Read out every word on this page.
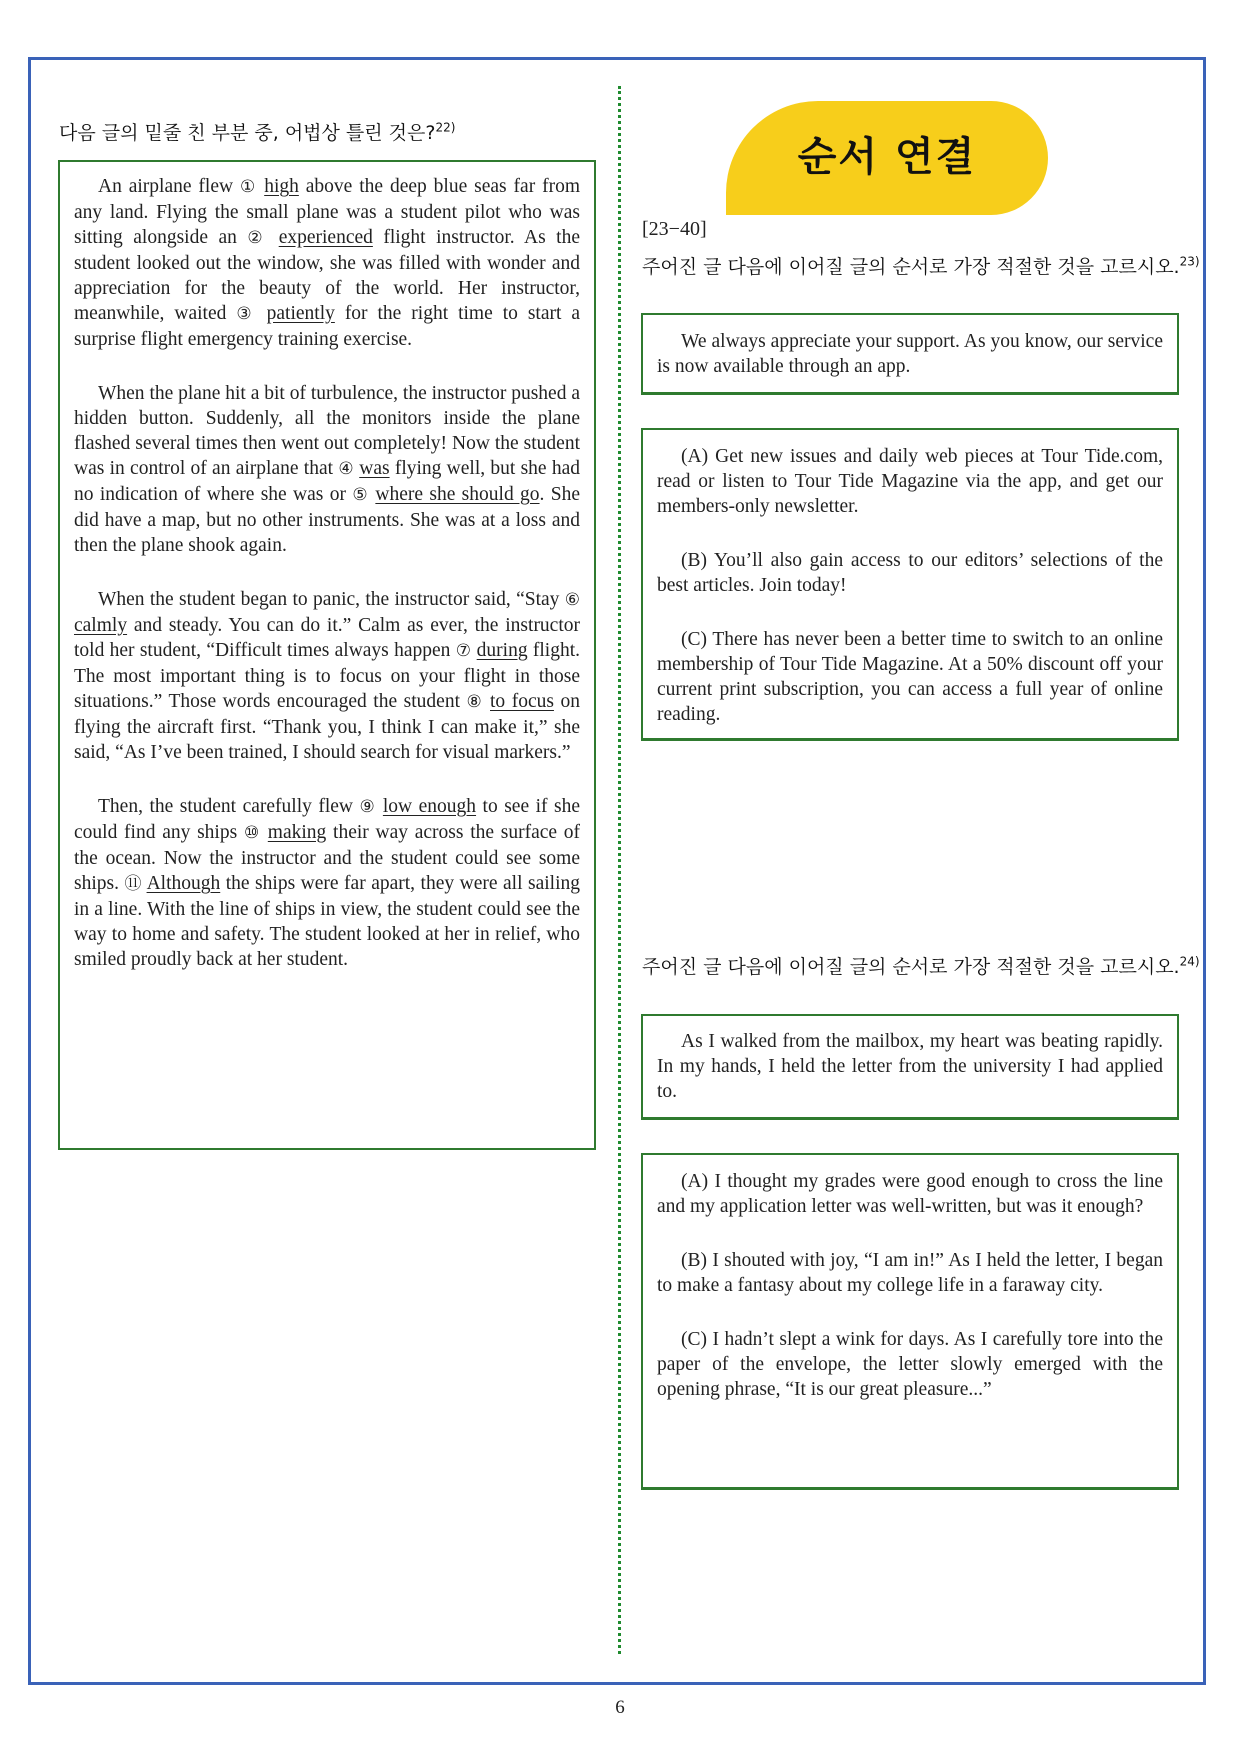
다음 글의 밑줄 친 부분 중, 어법상 틀린 것은?$^{22)}$

An airplane flew ① high above the deep blue seas far from any land. Flying the small plane was a student pilot who was sitting alongside an ② experienced flight instructor. As the student looked out the window, she was filled with wonder and appreciation for the beauty of the world. Her instructor, meanwhile, waited ③ patiently for the right time to start a surprise flight emergency training exercise.

When the plane hit a bit of turbulence, the instructor pushed a hidden button. Suddenly, all the monitors inside the plane flashed several times then went out completely! Now the student was in control of an airplane that ④ was flying well, but she had no indication of where she was or ⑤ where she should go. She did have a map, but no other instruments. She was at a loss and then the plane shook again.

When the student began to panic, the instructor said, “Stay ⑥ calmly and steady. You can do it.” Calm as ever, the instructor told her student, “Difficult times always happen ⑦ during flight. The most important thing is to focus on your flight in those situations.” Those words encouraged the student ⑧ to focus on flying the aircraft first. “Thank you, I think I can make it,” she said, “As I’ve been trained, I should search for visual markers.”

Then, the student carefully flew ⑨ low enough to see if she could find any ships ⑩ making their way across the surface of the ocean. Now the instructor and the student could see some ships. ⑪ Although the ships were far apart, they were all sailing in a line. With the line of ships in view, the student could see the way to home and safety. The student looked at her in relief, who smiled proudly back at her student.

순서 연결
[23−40]
주어진 글 다음에 이어질 글의 순서로 가장 적절한 것을 고르시오.$^{23)}$

We always appreciate your support. As you know, our service is now available through an app.

(A) Get new issues and daily web pieces at Tour Tide.com, read or listen to Tour Tide Magazine via the app, and get our members-only newsletter.

(B) You’ll also gain access to our editors’ selections of the best articles. Join today!

(C) There has never been a better time to switch to an online membership of Tour Tide Magazine. At a 50% discount off your current print subscription, you can access a full year of online reading.

주어진 글 다음에 이어질 글의 순서로 가장 적절한 것을 고르시오.$^{24)}$

As I walked from the mailbox, my heart was beating rapidly. In my hands, I held the letter from the university I had applied to.

(A) I thought my grades were good enough to cross the line and my application letter was well-written, but was it enough?

(B) I shouted with joy, “I am in!” As I held the letter, I began to make a fantasy about my college life in a faraway city.

(C) I hadn’t slept a wink for days. As I carefully tore into the paper of the envelope, the letter slowly emerged with the opening phrase, “It is our great pleasure...”

6
